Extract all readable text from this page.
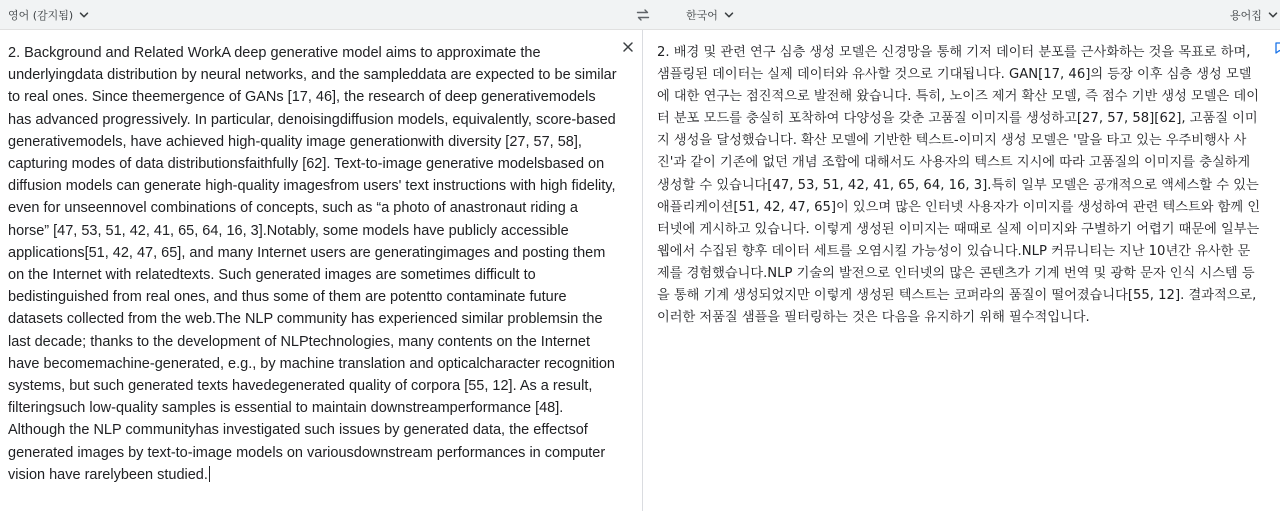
영어 (감지됨)	한국어	용어집

2. Background and Related WorkA deep generative model aims to approximate the underlyingdata distribution by neural networks, and the sampleddata are expected to be similar to real ones. Since theemergence of GANs [17, 46], the research of deep generativemodels has advanced progressively. In particular, denoisingdiffusion models, equivalently, score-based generativemodels, have achieved high-quality image generationwith diversity [27, 57, 58], capturing modes of data distributionsfaithfully [62]. Text-to-image generative modelsbased on diffusion models can generate high-quality imagesfrom users' text instructions with high fidelity, even for unseennovel combinations of concepts, such as “a photo of anastronaut riding a horse” [47, 53, 51, 42, 41, 65, 64, 16, 3].Notably, some models have publicly accessible applications[51, 42, 47, 65], and many Internet users are generatingimages and posting them on the Internet with relatedtexts. Such generated images are sometimes difficult to bedistinguished from real ones, and thus some of them are potentto contaminate future datasets collected from the web.The NLP community has experienced similar problemsin the last decade; thanks to the development of NLPtechnologies, many contents on the Internet have becomemachine-generated, e.g., by machine translation and opticalcharacter recognition systems, but such generated texts havedegenerated quality of corpora [55, 12]. As a result, filteringsuch low-quality samples is essential to maintain downstreamperformance [48]. Although the NLP communityhas investigated such issues by generated data, the effectsof generated images by text-to-image models on variousdownstream performances in computer vision have rarelybeen studied.

2. 배경 및 관련 연구 심층 생성 모델은 신경망을 통해 기저 데이터 분포를 근사화하는 것을 목표로 하며, 샘플링된 데이터는 실제 데이터와 유사할 것으로 기대됩니다. GAN[17, 46]의 등장 이후 심층 생성 모델에 대한 연구는 점진적으로 발전해 왔습니다. 특히, 노이즈 제거 확산 모델, 즉 점수 기반 생성 모델은 데이터 분포 모드를 충실히 포착하여 다양성을 갖춘 고품질 이미지를 생성하고[27, 57, 58][62], 고품질 이미지 생성을 달성했습니다. 확산 모델에 기반한 텍스트-이미지 생성 모델은 '말을 타고 있는 우주비행사 사진'과 같이 기존에 없던 개념 조합에 대해서도 사용자의 텍스트 지시에 따라 고품질의 이미지를 충실하게 생성할 수 있습니다[47, 53, 51, 42, 41, 65, 64, 16, 3].특히 일부 모델은 공개적으로 액세스할 수 있는 애플리케이션[51, 42, 47, 65]이 있으며 많은 인터넷 사용자가 이미지를 생성하여 관련 텍스트와 함께 인터넷에 게시하고 있습니다. 이렇게 생성된 이미지는 때때로 실제 이미지와 구별하기 어렵기 때문에 일부는 웹에서 수집된 향후 데이터 세트를 오염시킬 가능성이 있습니다.NLP 커뮤니티는 지난 10년간 유사한 문제를 경험했습니다.NLP 기술의 발전으로 인터넷의 많은 콘텐츠가 기계 번역 및 광학 문자 인식 시스템 등을 통해 기계 생성되었지만 이렇게 생성된 텍스트는 코퍼라의 품질이 떨어졌습니다[55, 12]. 결과적으로, 이러한 저품질 샘플을 필터링하는 것은 다음을 유지하기 위해 필수적입니다.
